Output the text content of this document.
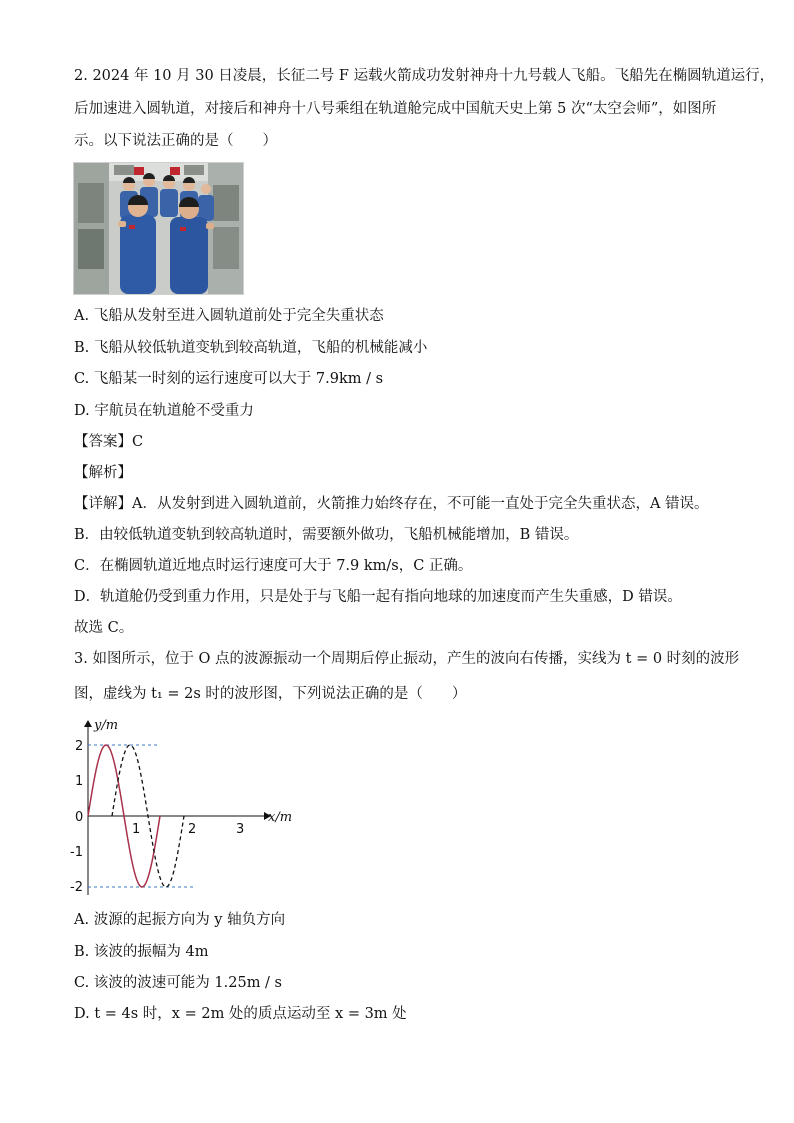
2. 2024 年 10 月 30 日凌晨，长征二号 F 运载火箭成功发射神舟十九号载人飞船。飞船先在椭圆轨道运行，
后加速进入圆轨道，对接后和神舟十八号乘组在轨道舱完成中国航天史上第 5 次“太空会师”，如图所
示。以下说法正确的是（　　）
A. 飞船从发射至进入圆轨道前处于完全失重状态
B. 飞船从较低轨道变轨到较高轨道，飞船的机械能减小
C. 飞船某一时刻的运行速度可以大于 7.9km / s
D. 宇航员在轨道舱不受重力
【答案】C
【解析】
【详解】A．从发射到进入圆轨道前，火箭推力始终存在，不可能一直处于完全失重状态，A 错误。
B．由较低轨道变轨到较高轨道时，需要额外做功，飞船机械能增加，B 错误。
C．在椭圆轨道近地点时运行速度可大于 7.9 km/s，C 正确。
D．轨道舱仍受到重力作用，只是处于与飞船一起有指向地球的加速度而产生失重感，D 错误。
故选 C。
3. 如图所示，位于 O 点的波源振动一个周期后停止振动，产生的波向右传播，实线为 t = 0 时刻的波形
图，虚线为 t₁ = 2s 时的波形图，下列说法正确的是（　　）
y/m
x/m
2
1
0
-1
-2
1	2	3
A. 波源的起振方向为 y 轴负方向
B. 该波的振幅为 4m
C. 该波的波速可能为 1.25m / s
D. t = 4s 时，x = 2m 处的质点运动至 x = 3m 处
